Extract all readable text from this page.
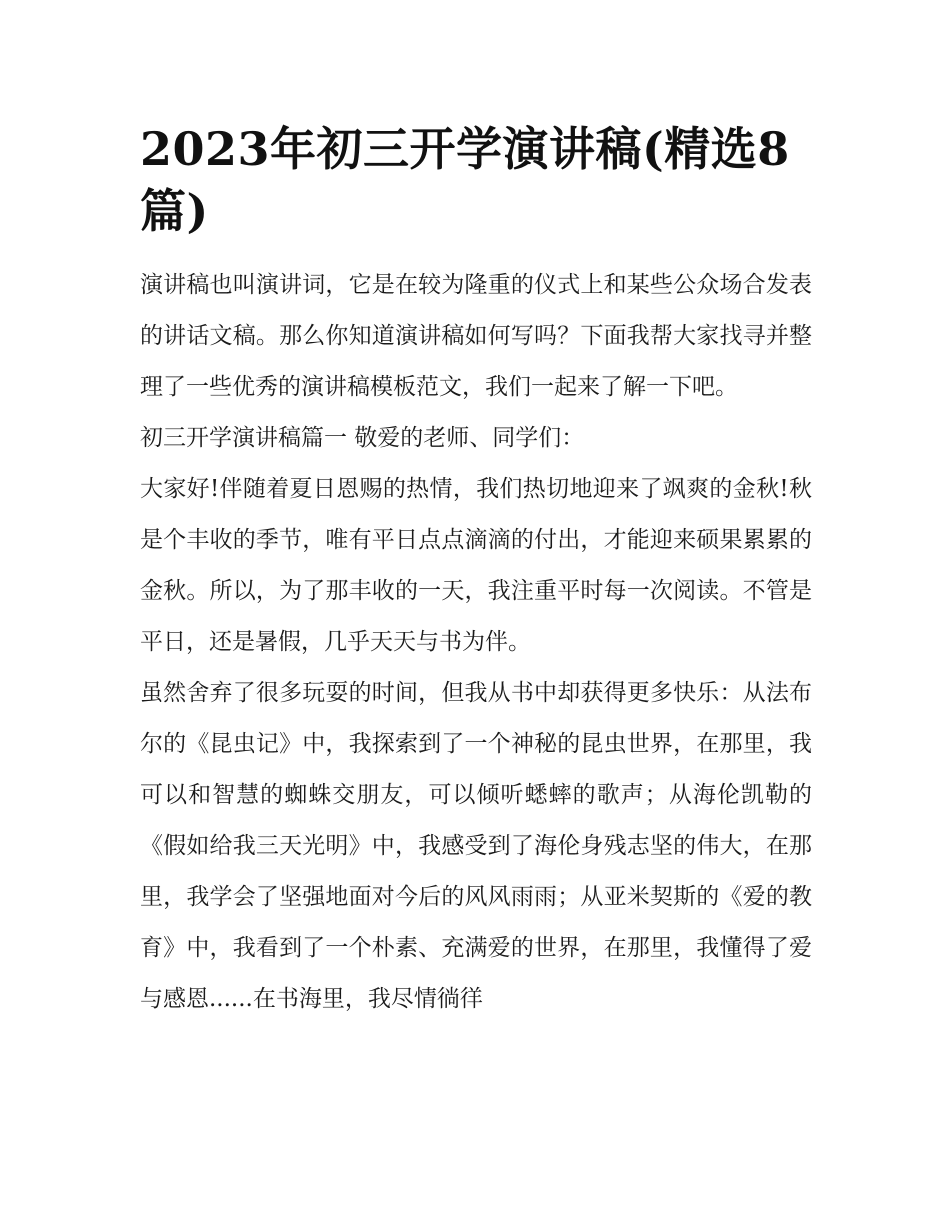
2023年初三开学演讲稿(精选8篇)

演讲稿也叫演讲词，它是在较为隆重的仪式上和某些公众场合发表的讲话文稿。那么你知道演讲稿如何写吗？下面我帮大家找寻并整理了一些优秀的演讲稿模板范文，我们一起来了解一下吧。

初三开学演讲稿篇一 敬爱的老师、同学们：

大家好!伴随着夏日恩赐的热情，我们热切地迎来了飒爽的金秋!秋是个丰收的季节，唯有平日点点滴滴的付出，才能迎来硕果累累的金秋。所以，为了那丰收的一天，我注重平时每一次阅读。不管是平日，还是暑假，几乎天天与书为伴。

虽然舍弃了很多玩耍的时间，但我从书中却获得更多快乐：从法布尔的《昆虫记》中，我探索到了一个神秘的昆虫世界，在那里，我可以和智慧的蜘蛛交朋友，可以倾听蟋蟀的歌声；从海伦凯勒的《假如给我三天光明》中，我感受到了海伦身残志坚的伟大，在那里，我学会了坚强地面对今后的风风雨雨；从亚米契斯的《爱的教育》中，我看到了一个朴素、充满爱的世界，在那里，我懂得了爱与感恩......在书海里，我尽情徜徉
